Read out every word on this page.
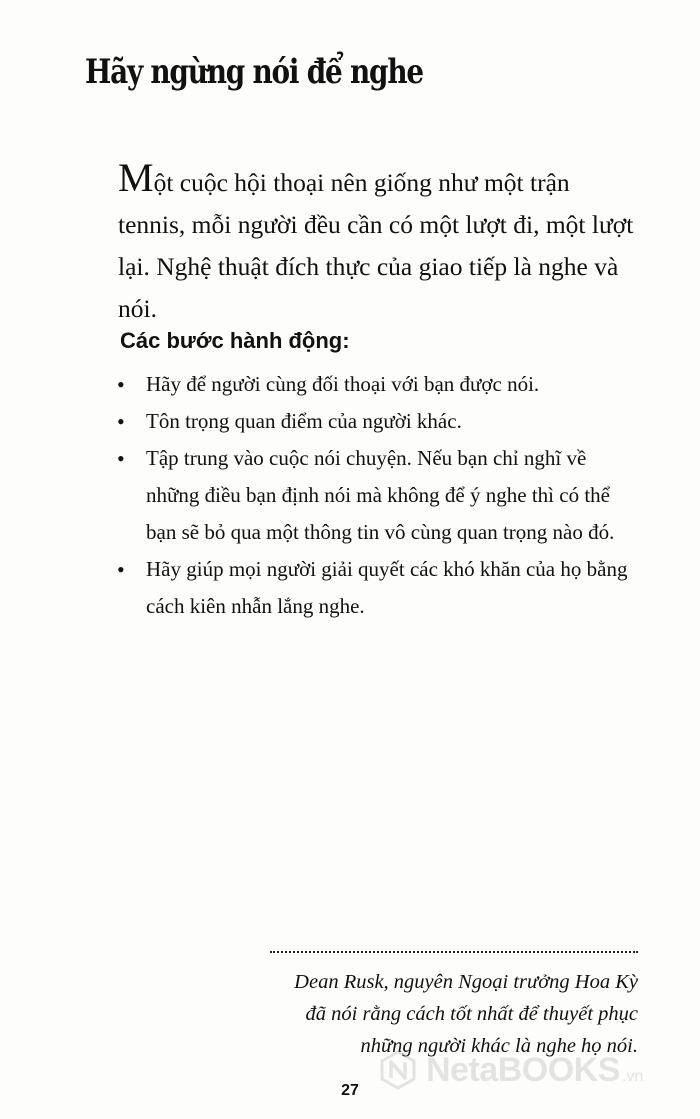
Hãy ngừng nói để nghe

Một cuộc hội thoại nên giống như một trận tennis, mỗi người đều cần có một lượt đi, một lượt lại. Nghệ thuật đích thực của giao tiếp là nghe và nói.

Các bước hành động:
• Hãy để người cùng đối thoại với bạn được nói.
• Tôn trọng quan điểm của người khác.
• Tập trung vào cuộc nói chuyện. Nếu bạn chỉ nghĩ về những điều bạn định nói mà không để ý nghe thì có thể bạn sẽ bỏ qua một thông tin vô cùng quan trọng nào đó.
• Hãy giúp mọi người giải quyết các khó khăn của họ bằng cách kiên nhẫn lắng nghe.

Dean Rusk, nguyên Ngoại trưởng Hoa Kỳ
đã nói rằng cách tốt nhất để thuyết phục
những người khác là nghe họ nói.

NetaBOOKS .vn

27
